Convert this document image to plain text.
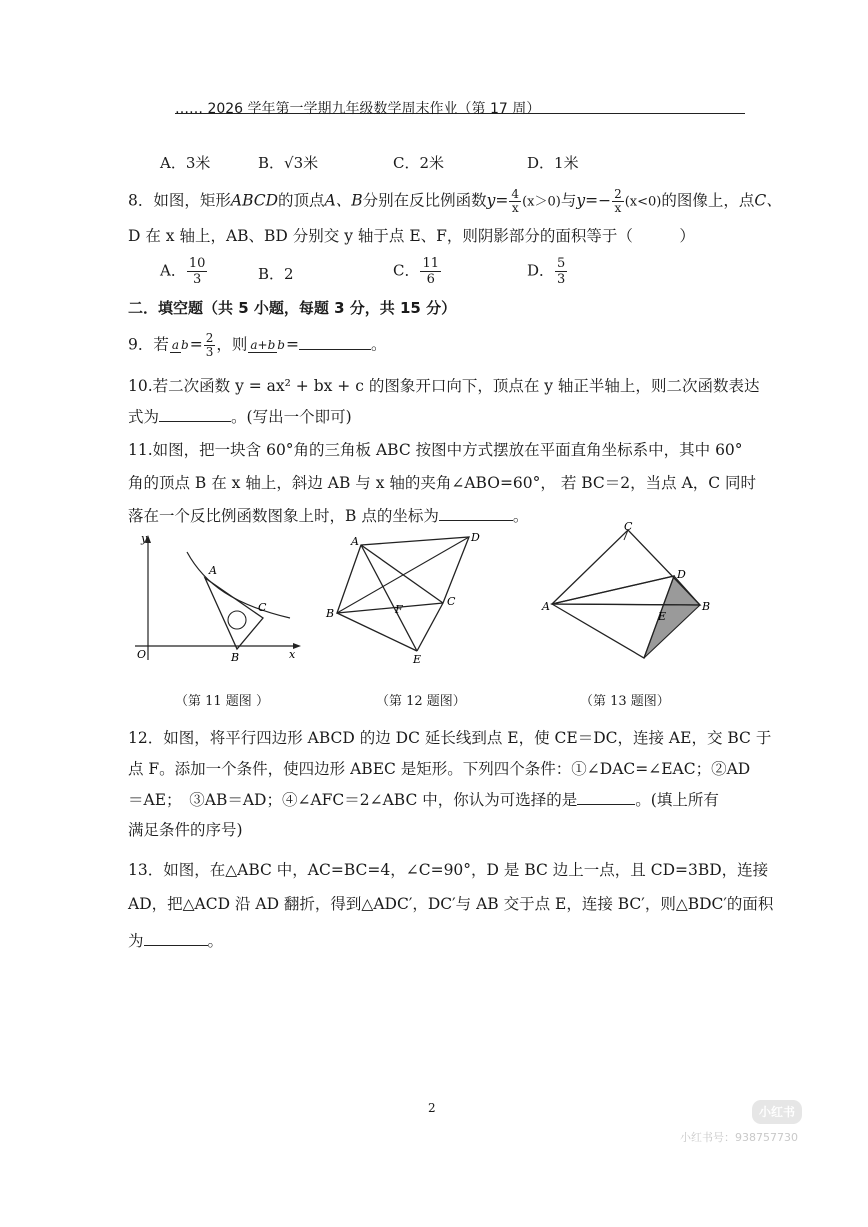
…… 2026 学年第一学期九年级数学周末作业（第 17 周）
A．3米	B．√3米	C．2米	D．1米
8．如图，矩形ABCD的顶点A、B分别在反比例函数$y= \frac{4}{x} (x>0)$与$y=- \frac{2}{x} (x<0)$的图像上，点C、
D 在 x 轴上，AB、BD 分别交 y 轴于点 E、F，则阴影部分的面积等于（　　　）
A． $\frac{10}{3}$	B．2	C． $\frac{11}{6}$	D． $\frac{5}{3}$
二．填空题（共 5 小题，每题 3 分，共 15 分）
9．若 a $b= \frac{2}{3}$ ，则 a+b b=	。
10.若二次函数 y = ax² + bx + c 的图象开口向下，顶点在 y 轴正半轴上，则二次函数表达
式为	。(写出一个即可)
11.如图，把一块含 60°角的三角板 ABC 按图中方式摆放在平面直角坐标系中，其中 60°
角的顶点 B 在 x 轴上，斜边 AB 与 x 轴的夹角∠ABO=60°， 若 BC＝2，当点 A，C 同时
落在一个反比例函数图象上时，B 点的坐标为	。
y
x
O
A
C
B
A	D
B	F
C
E
C
D
A	B
E
（第 11 题图 ）	（第 12 题图）	（第 13 题图）
12．如图，将平行四边形 ABCD 的边 DC 延长线到点 E，使 CE＝DC，连接 AE，交 BC 于
点 F。添加一个条件，使四边形 ABEC 是矩形。下列四个条件：①∠DAC=∠EAC；②AD
＝AE；　③AB＝AD；④∠AFC＝2∠ABC 中，你认为可选择的是	。(填上所有
满足条件的序号)
13．如图，在△ABC 中，AC=BC=4，∠C=90°，D 是 BC 边上一点，且 CD=3BD，连接
AD，把△ACD 沿 AD 翻折，得到△ADC′，DC′与 AB 交于点 E，连接 BC′，则△BDC′的面积
为	。
2	小红书
小红书号：938757730
